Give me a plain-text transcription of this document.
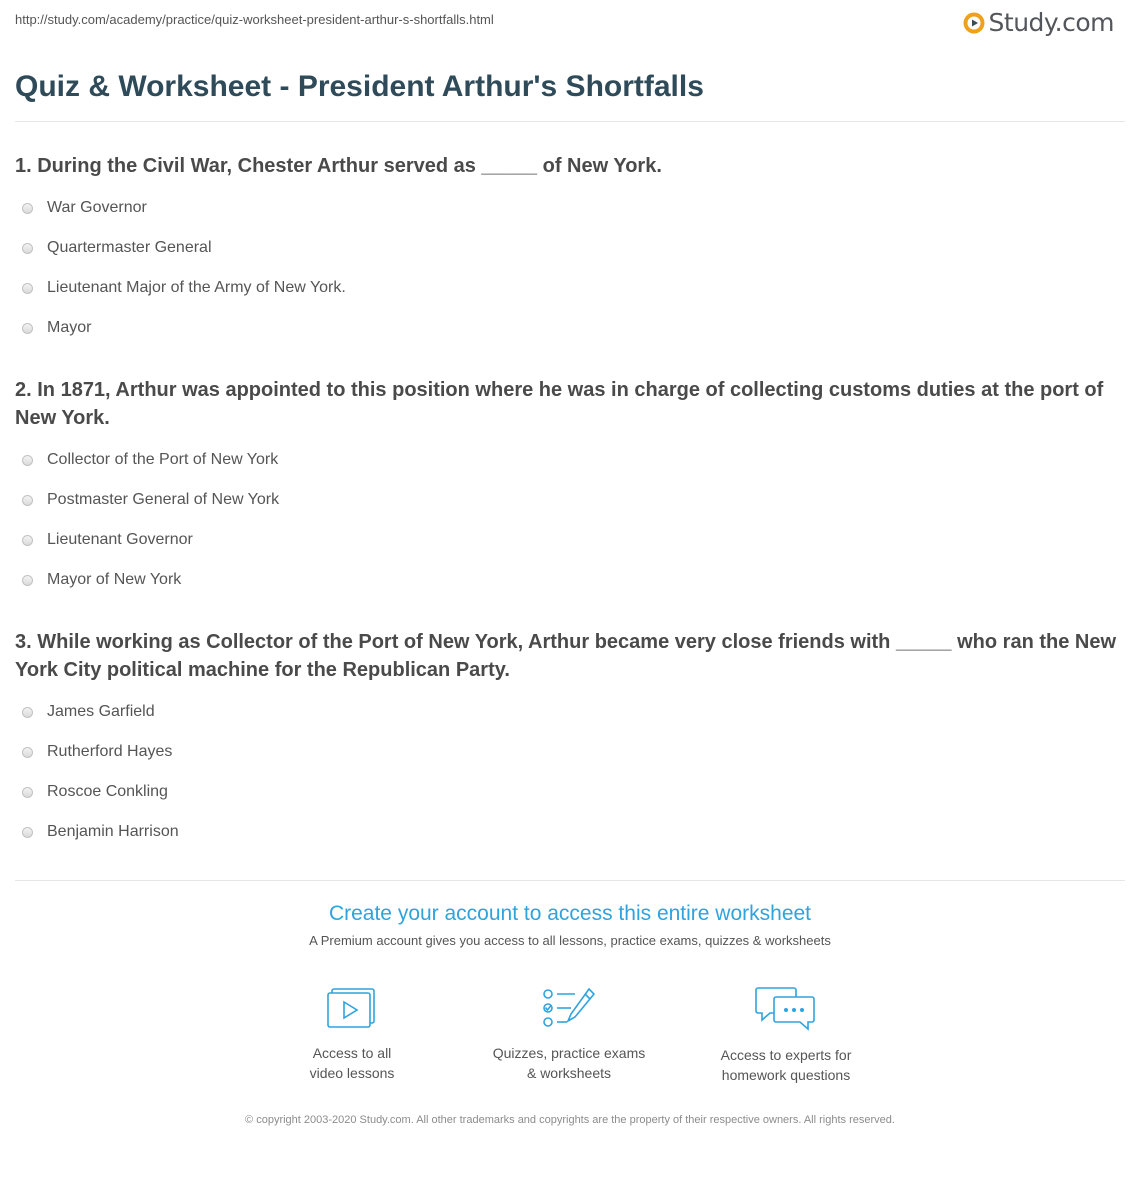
http://study.com/academy/practice/quiz-worksheet-president-arthur-s-shortfalls.html	Study.com
Quiz & Worksheet - President Arthur's Shortfalls

1. During the Civil War, Chester Arthur served as _____ of New York.

War Governor
Quartermaster General
Lieutenant Major of the Army of New York.
Mayor

2. In 1871, Arthur was appointed to this position where he was in charge of collecting customs duties at the port of New York.

Collector of the Port of New York
Postmaster General of New York
Lieutenant Governor
Mayor of New York

3. While working as Collector of the Port of New York, Arthur became very close friends with _____ who ran the New York City political machine for the Republican Party.

James Garfield
Rutherford Hayes
Roscoe Conkling
Benjamin Harrison
Create your account to access this entire worksheet
A Premium account gives you access to all lessons, practice exams, quizzes & worksheets
Access to all
video lessons
Quizzes, practice exams
& worksheets
Access to experts for
homework questions
© copyright 2003-2020 Study.com. All other trademarks and copyrights are the property of their respective owners. All rights reserved.
